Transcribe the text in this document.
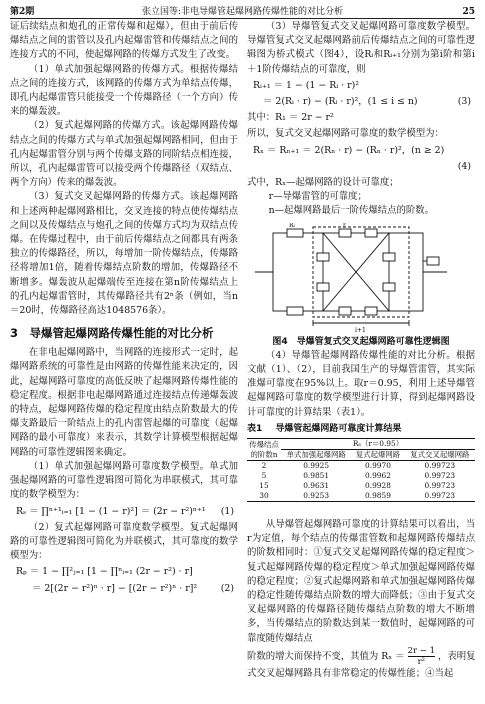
第2期	张立国等:非电导爆管起爆网路传爆性能的对比分析	25

证后续结点和炮孔的正常传爆和起爆），但由于前后传爆结点之间的雷管以及孔内起爆雷管和传爆结点之间的连接方式的不同，使起爆网路的传爆方式发生了改变。

（1）单式加强起爆网路的传爆方式。根据传爆结点之间的连接方式，该网路的传爆方式为单结点传爆，即孔内起爆雷管只能接受一个传爆路径（一个方向）传来的爆轰波。

（2）复式起爆网路的传爆方式。该起爆网路传爆结点之间的传爆方式与单式加强起爆网路相同，但由于孔内起爆雷管分别与两个传爆支路的同阶结点相连接，所以，孔内起爆雷管可以接受两个传爆路径（双结点、两个方向）传来的爆轰波。

（3）复式交叉起爆网路的传爆方式。该起爆网路和上述两种起爆网路相比，交叉连接的特点使传爆结点之间以及传爆结点与炮孔之间的传爆方式均为双结点传爆。在传爆过程中，由于前后传爆结点之间都具有两条独立的传爆路径，所以，每增加一阶传爆结点，传爆路径将增加1倍，随着传爆结点阶数的增加，传爆路径不断增多。爆轰波从起爆端传至连接在第n阶传爆结点上的孔内起爆雷管时，其传爆路径共有2ⁿ条（例如，当n＝20时，传爆路径高达1048576条）。

3　导爆管起爆网路传爆性能的对比分析

在非电起爆网路中，当网路的连接形式一定时，起爆网路系统的可靠性是由网路的传爆性能来决定的，因此，起爆网路可靠度的高低反映了起爆网路传爆性能的稳定程度。根据非电起爆网路通过连接结点传递爆轰波的特点，起爆网路传爆的稳定程度由结点阶数最大的传爆支路最后一阶结点上的孔内雷管起爆的可靠度（起爆网路的最小可靠度）来表示，其数学计算模型根据起爆网路的可靠性逻辑图来确定。

（1）单式加强起爆网路可靠度数学模型。单式加强起爆网路的可靠性逻辑图可简化为串联模式，其可靠度的数学模型为：

Rₛ ＝ ∏ⁿ⁺¹ᵢ₌₁ [1 − (1 − r)²] ＝ (2r − r²)ⁿ⁺¹ (1)

（2）复式起爆网路可靠度数学模型。复式起爆网路的可靠性逻辑图可简化为并联模式，其可靠度的数学模型为：

Rₚ ＝ 1 − ∏²ⱼ₌₁ [1 − ∏ⁿᵢ₌₁ (2r − r²) · r]
＝ 2[(2r − r²)ⁿ · r] − [(2r − r²)ⁿ · r]²	(2)

（3）导爆管复式交叉起爆网路可靠度数学模型。导爆管复式交叉起爆网路前后传爆结点之间的可靠性逻辑图为桥式模式（图4），设Rᵢ和Rᵢ₊₁分别为第i阶和第i＋1阶传爆结点的可靠度，则

Rᵢ₊₁ ＝ 1 − (1 − Rᵢ · r)²
＝ 2(Rᵢ · r) − (Rᵢ · r)²，(1 ≤ i ≤ n)	(3)
其中：R₁ ＝ 2r − r²

所以，复式交叉起爆网路可靠度的数学模型为：

Rₓ ＝ Rₙ₊₁ ＝ 2(Rₙ · r) − (Rₙ · r)²，(n ≥ 2)
(4)
式中，Rₓ—起爆网路的设计可靠度；
r—导爆雷管的可靠度；
n—起爆网路最后一阶传爆结点的阶数。
Rᵢ	r
i+1
图4　导爆管复式交叉起爆网路可靠性逻辑图

（4）导爆管起爆网路传爆性能的对比分析。根据文献（1）、（2），目前我国生产的导爆管雷管，其实际准爆可靠度在95%以上。取r＝0.95，利用上述导爆管起爆网路可靠度的数学模型进行计算，得到起爆网路设计可靠度的计算结果（表1）。

表1 导爆管起爆网路可靠度计算结果
传爆结点的阶数n	Rₛ（r＝0.95）		
	单式加强起爆网路	复式起爆网路	复式交叉起爆网路
2	0.9925	0.9970	0.99723
5	0.9851	0.9962	0.99723
15	0.9631	0.9928	0.99723
30	0.9253	0.9859	0.99723

从导爆管起爆网路可靠度的计算结果可以看出，当r为定值，每个结点的传爆雷管数和起爆网路传爆结点的阶数相同时：①复式交叉起爆网路传爆的稳定程度＞复式起爆网路传爆的稳定程度＞单式加强起爆网路传爆的稳定程度；②复式起爆网路和单式加强起爆网路传爆的稳定性随传爆结点阶数的增大而降低；③由于复式交叉起爆网路的传爆路径随传爆结点阶数的增大不断增多，当传爆结点的阶数达到某一数值时，起爆网路的可靠度随传爆结点

阶数的增大而保持不变，其值为 $R_x = \frac{2r - 1}{\text{r²}}$ ，表明复

式交叉起爆网路具有非常稳定的传爆性能；④当起
